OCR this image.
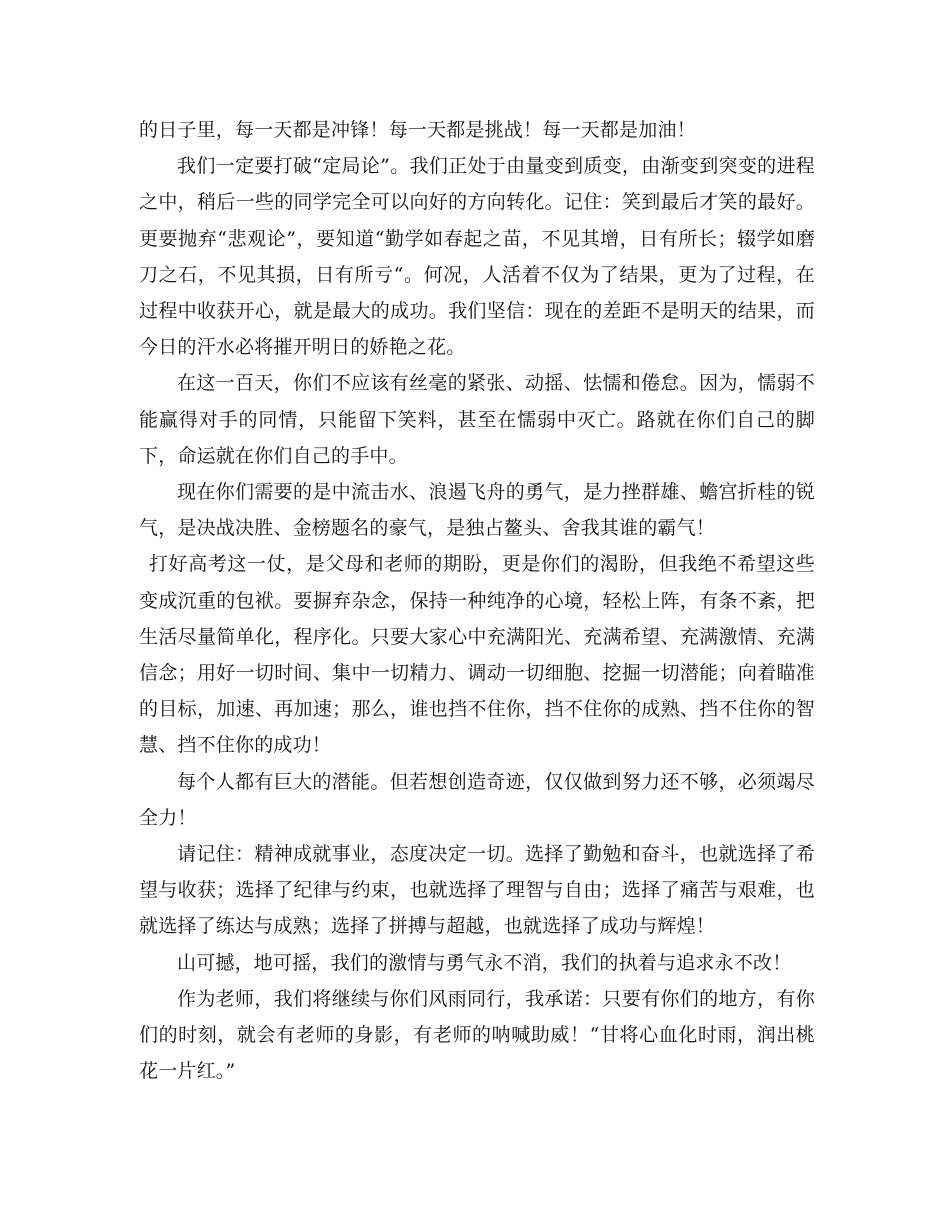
的日子里，每一天都是冲锋！每一天都是挑战！每一天都是加油！

我们一定要打破“定局论”。我们正处于由量变到质变，由渐变到突变的进程之中，稍后一些的同学完全可以向好的方向转化。记住：笑到最后才笑的最好。更要抛弃“悲观论”，要知道“勤学如春起之苗，不见其增，日有所长；辍学如磨刀之石，不见其损，日有所亏“。何况，人活着不仅为了结果，更为了过程，在过程中收获开心，就是最大的成功。我们坚信：现在的差距不是明天的结果，而今日的汗水必将摧开明日的娇艳之花。

在这一百天，你们不应该有丝毫的紧张、动摇、怯懦和倦怠。因为，懦弱不能赢得对手的同情，只能留下笑料，甚至在懦弱中灭亡。路就在你们自己的脚下，命运就在你们自己的手中。

现在你们需要的是中流击水、浪遏飞舟的勇气，是力挫群雄、蟾宫折桂的锐气，是决战决胜、金榜题名的豪气，是独占鳌头、舍我其谁的霸气！

打好高考这一仗，是父母和老师的期盼，更是你们的渴盼，但我绝不希望这些变成沉重的包袱。要摒弃杂念，保持一种纯净的心境，轻松上阵，有条不紊，把生活尽量简单化，程序化。只要大家心中充满阳光、充满希望、充满激情、充满信念；用好一切时间、集中一切精力、调动一切细胞、挖掘一切潜能；向着瞄准的目标，加速、再加速；那么，谁也挡不住你，挡不住你的成熟、挡不住你的智慧、挡不住你的成功！

每个人都有巨大的潜能。但若想创造奇迹，仅仅做到努力还不够，必须竭尽全力！

请记住：精神成就事业，态度决定一切。选择了勤勉和奋斗，也就选择了希望与收获；选择了纪律与约束，也就选择了理智与自由；选择了痛苦与艰难，也就选择了练达与成熟；选择了拼搏与超越，也就选择了成功与辉煌！

山可撼，地可摇，我们的激情与勇气永不消，我们的执着与追求永不改！

作为老师，我们将继续与你们风雨同行，我承诺：只要有你们的地方，有你们的时刻，就会有老师的身影，有老师的呐喊助威！“甘将心血化时雨，润出桃花一片红。”
